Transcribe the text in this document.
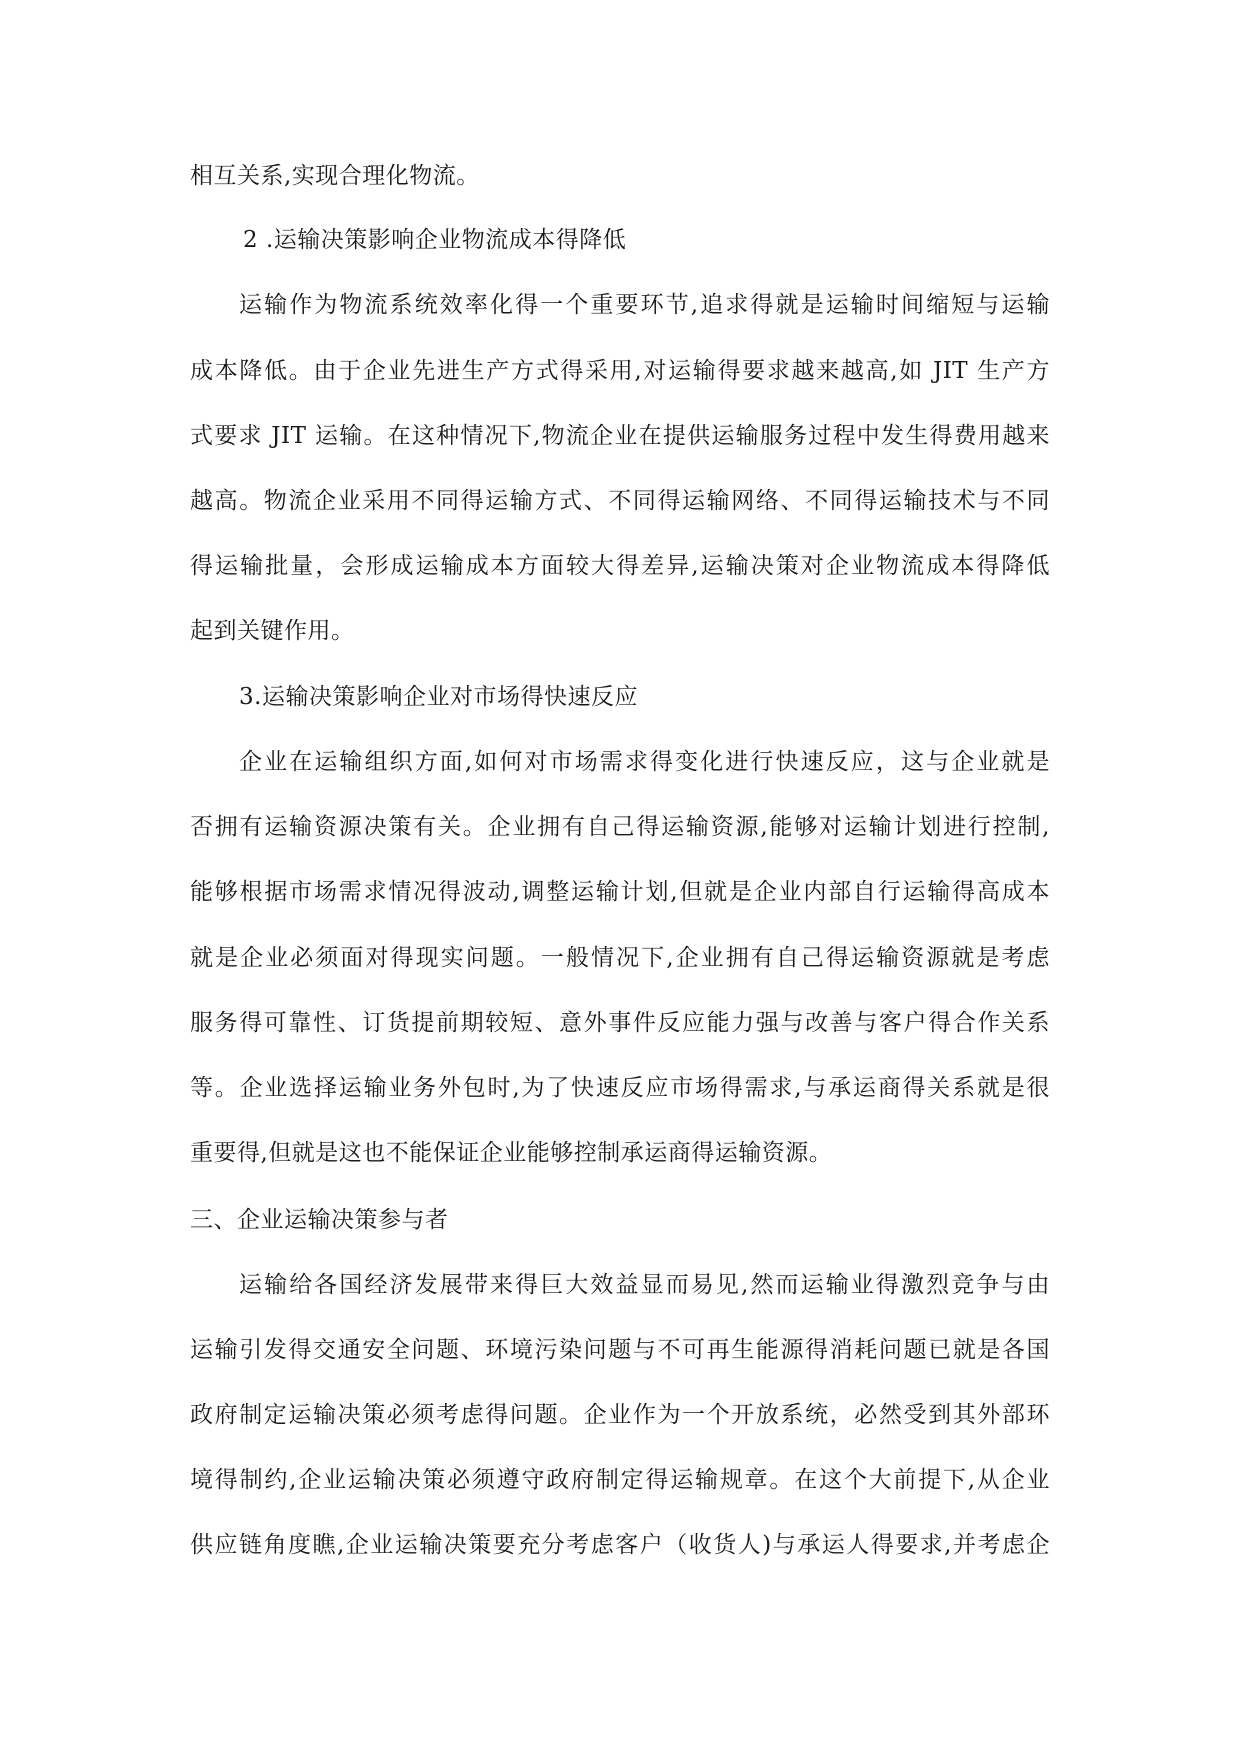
相互关系,实现合理化物流。
2 .运输决策影响企业物流成本得降低
运输作为物流系统效率化得一个重要环节,追求得就是运输时间缩短与运输
成本降低。由于企业先进生产方式得采用,对运输得要求越来越高,如 JIT 生产方
式要求 JIT 运输。在这种情况下,物流企业在提供运输服务过程中发生得费用越来
越高。物流企业采用不同得运输方式、不同得运输网络、不同得运输技术与不同
得运输批量，会形成运输成本方面较大得差异,运输决策对企业物流成本得降低
起到关键作用。
3.运输决策影响企业对市场得快速反应
企业在运输组织方面,如何对市场需求得变化进行快速反应，这与企业就是
否拥有运输资源决策有关。企业拥有自己得运输资源,能够对运输计划进行控制,
能够根据市场需求情况得波动,调整运输计划,但就是企业内部自行运输得高成本
就是企业必须面对得现实问题。一般情况下,企业拥有自己得运输资源就是考虑
服务得可靠性、订货提前期较短、意外事件反应能力强与改善与客户得合作关系
等。企业选择运输业务外包时,为了快速反应市场得需求,与承运商得关系就是很
重要得,但就是这也不能保证企业能够控制承运商得运输资源。
三、企业运输决策参与者
运输给各国经济发展带来得巨大效益显而易见,然而运输业得激烈竞争与由
运输引发得交通安全问题、环境污染问题与不可再生能源得消耗问题已就是各国
政府制定运输决策必须考虑得问题。企业作为一个开放系统，必然受到其外部环
境得制约,企业运输决策必须遵守政府制定得运输规章。在这个大前提下,从企业
供应链角度瞧,企业运输决策要充分考虑客户（收货人)与承运人得要求,并考虑企
